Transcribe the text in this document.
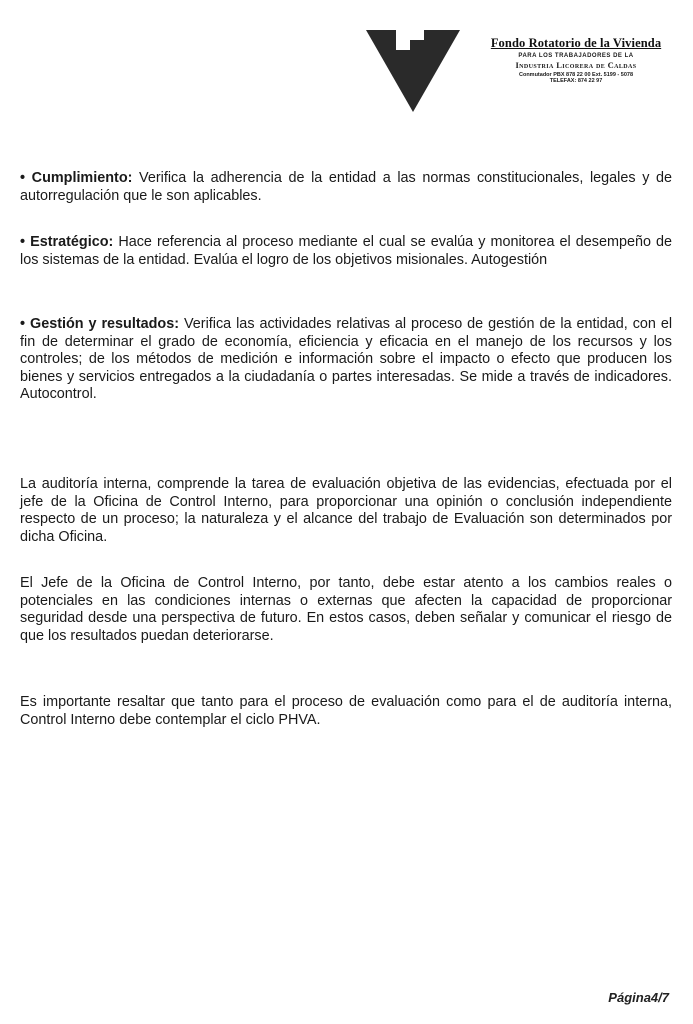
Fondo Rotatorio de la Vivienda
PARA LOS TRABAJADORES DE LA
Industria Licorera de Caldas
Conmutador PBX 878 22 00 Ext. 5199 - 5078
TELEFAX: 874 22 97

• Cumplimiento: Verifica la adherencia de la entidad a las normas constitucionales, legales y de autorregulación que le son aplicables.

• Estratégico: Hace referencia al proceso mediante el cual se evalúa y monitorea el desempeño de los sistemas de la entidad. Evalúa el logro de los objetivos misionales. Autogestión

• Gestión y resultados: Verifica las actividades relativas al proceso de gestión de la entidad, con el fin de determinar el grado de economía, eficiencia y eficacia en el manejo de los recursos y los controles; de los métodos de medición e información sobre el impacto o efecto que producen los bienes y servicios entregados a la ciudadanía o partes interesadas. Se mide a través de indicadores. Autocontrol.

La auditoría interna, comprende la tarea de evaluación objetiva de las evidencias, efectuada por el jefe de la Oficina de Control Interno, para proporcionar una opinión o conclusión independiente respecto de un proceso; la naturaleza y el alcance del trabajo de Evaluación son determinados por dicha Oficina.

El Jefe de la Oficina de Control Interno, por tanto, debe estar atento a los cambios reales o potenciales en las condiciones internas o externas que afecten la capacidad de proporcionar seguridad desde una perspectiva de futuro. En estos casos, deben señalar y comunicar el riesgo de que los resultados puedan deteriorarse.

Es importante resaltar que tanto para el proceso de evaluación como para el de auditoría interna, Control Interno debe contemplar el ciclo PHVA.

Página4/7
